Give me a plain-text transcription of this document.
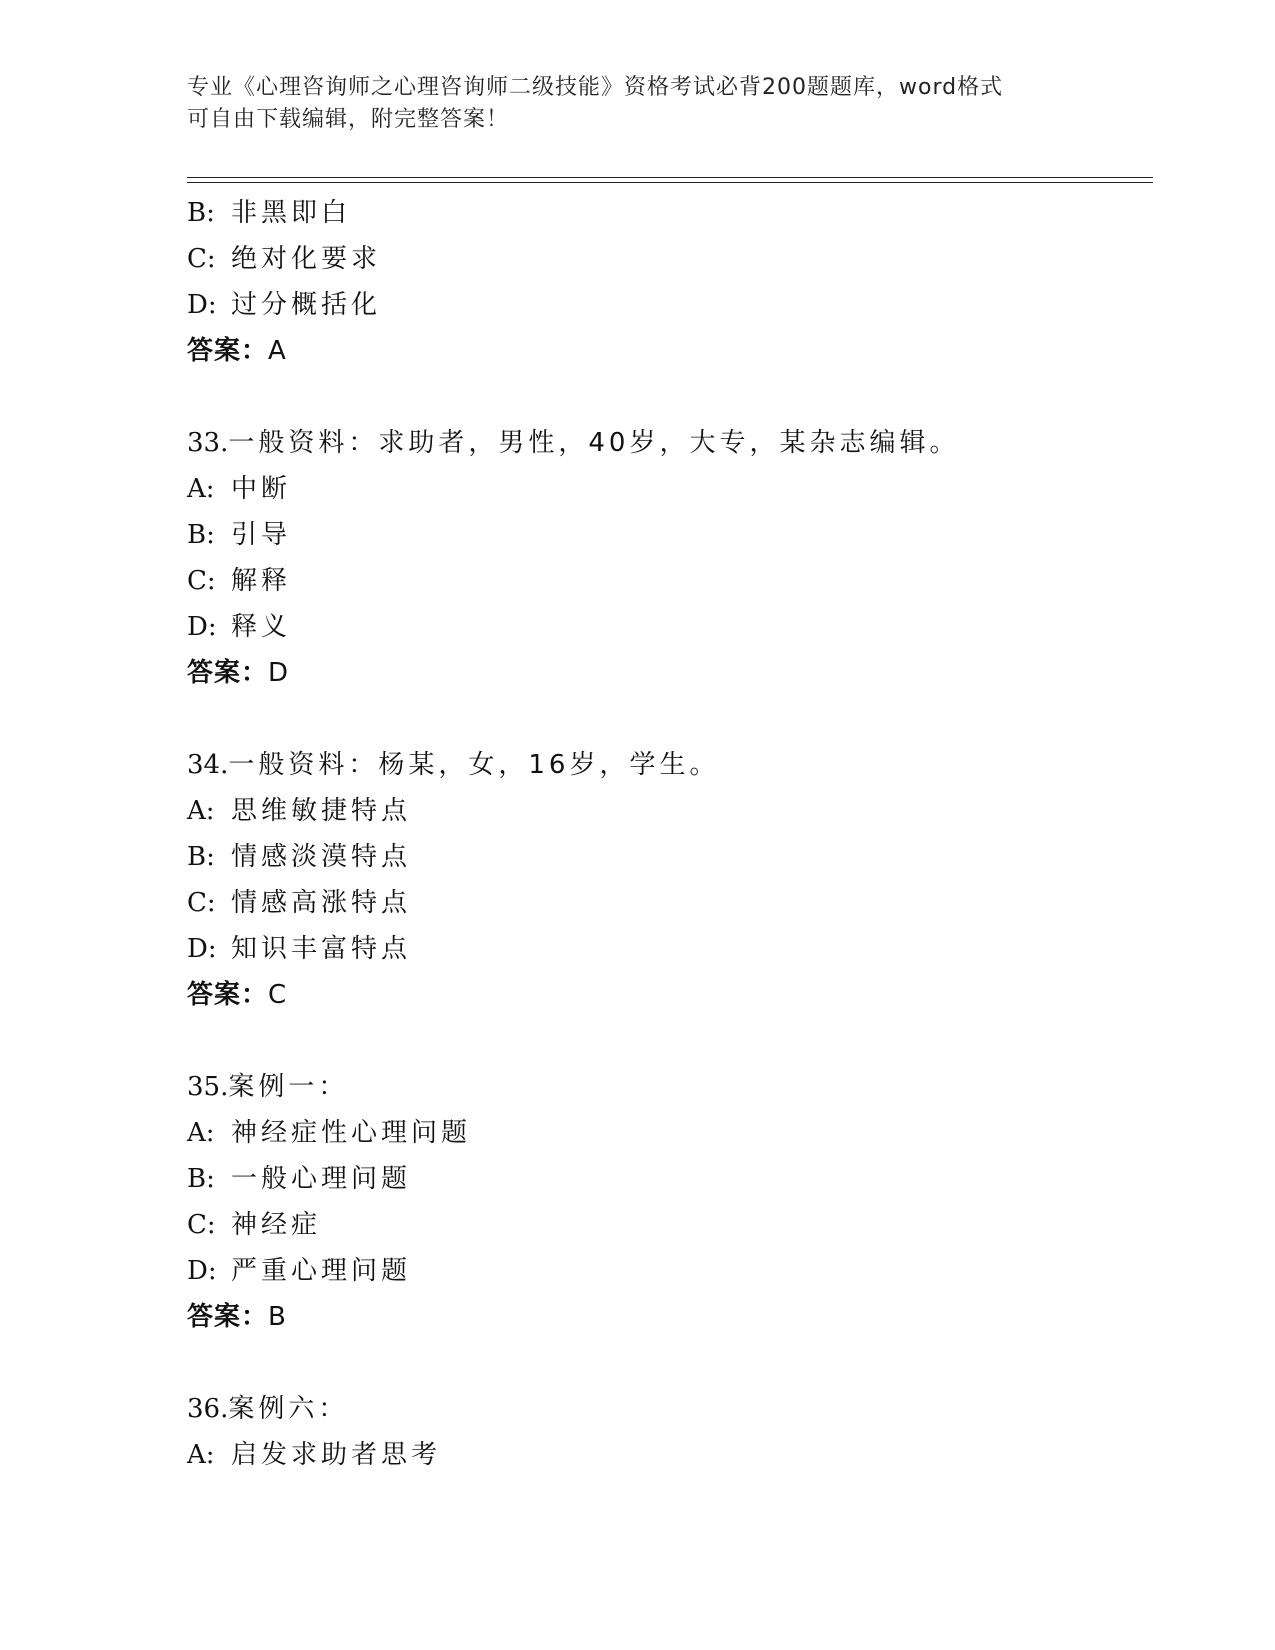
专业《心理咨询师之心理咨询师二级技能》资格考试必背200题题库，word格式
可自由下载编辑，附完整答案！
B: 非黑即白
C: 绝对化要求
D: 过分概括化
答案：A
33.一般资料：求助者，男性，40岁，大专，某杂志编辑。
A: 中断
B: 引导
C: 解释
D: 释义
答案：D
34.一般资料：杨某，女，16岁，学生。
A: 思维敏捷特点
B: 情感淡漠特点
C: 情感高涨特点
D: 知识丰富特点
答案：C
35.案例一：
A: 神经症性心理问题
B: 一般心理问题
C: 神经症
D: 严重心理问题
答案：B
36.案例六：
A: 启发求助者思考
